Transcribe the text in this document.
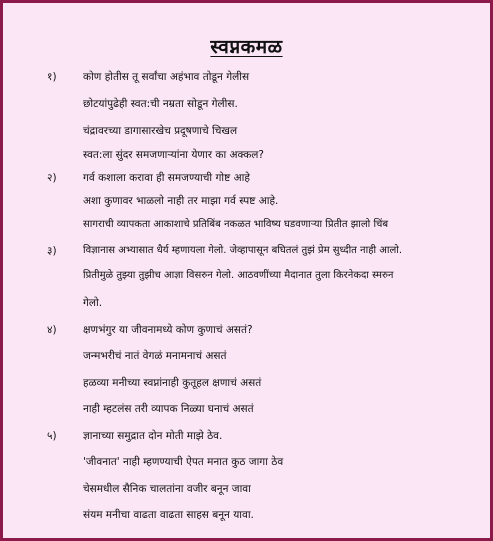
स्वप्नकमळ
१)	कोण होतीस तू सर्वांचा अहंभाव तोडून गेलीस
छोटयांपुढेही स्वत:ची नम्रता सोडून गेलीस.
चंद्रावरच्या डागासारखेच प्रदूषणाचे चिखल
स्वत:ला सुंदर समजणाऱ्यांना येणार का अक्कल?
२)	गर्व कशाला करावा ही समजण्याची गोष्ट आहे
अशा कुणावर भाळलो नाही तर माझा गर्व स्पष्ट आहे.
सागराची व्यापकता आकाशाचे प्रतिबिंब नकळत भाविष्य घडवणाऱ्या प्रितीत झालो चिंब
३)	विज्ञानास अभ्यासात धैर्य म्हणायला गेलो. जेव्हापासून बघितलं तुझं प्रेम सुध्दीत नाही आलो.
प्रितीमुळे तुझ्या तुझीच आज्ञा विसरुन गेलो. आठवणींच्या मैदानात तुला किरनेकदा स्मरुन
गेलो.
४)	क्षणभंगुर या जीवनामध्ये कोण कुणाचं असतं?
जन्मभरीचं नातं वेगळं मनामनाचं असतं
हळव्या मनीच्या स्वप्नांनाही कुतूहल क्षणाचं असतं
नाही म्हटलंस तरी व्यापक निळ्या घनाचं असतं
५)	ज्ञानाच्या समुद्रात दोन मोती माझे ठेव.
'जीवनात' नाही म्हणण्याची ऐपत मनात कुठ जागा ठेव
चेसमधील सैनिक चालतांना वजीर बनून जावा
संयम मनीचा वाढता वाढता साहस बनून यावा.
